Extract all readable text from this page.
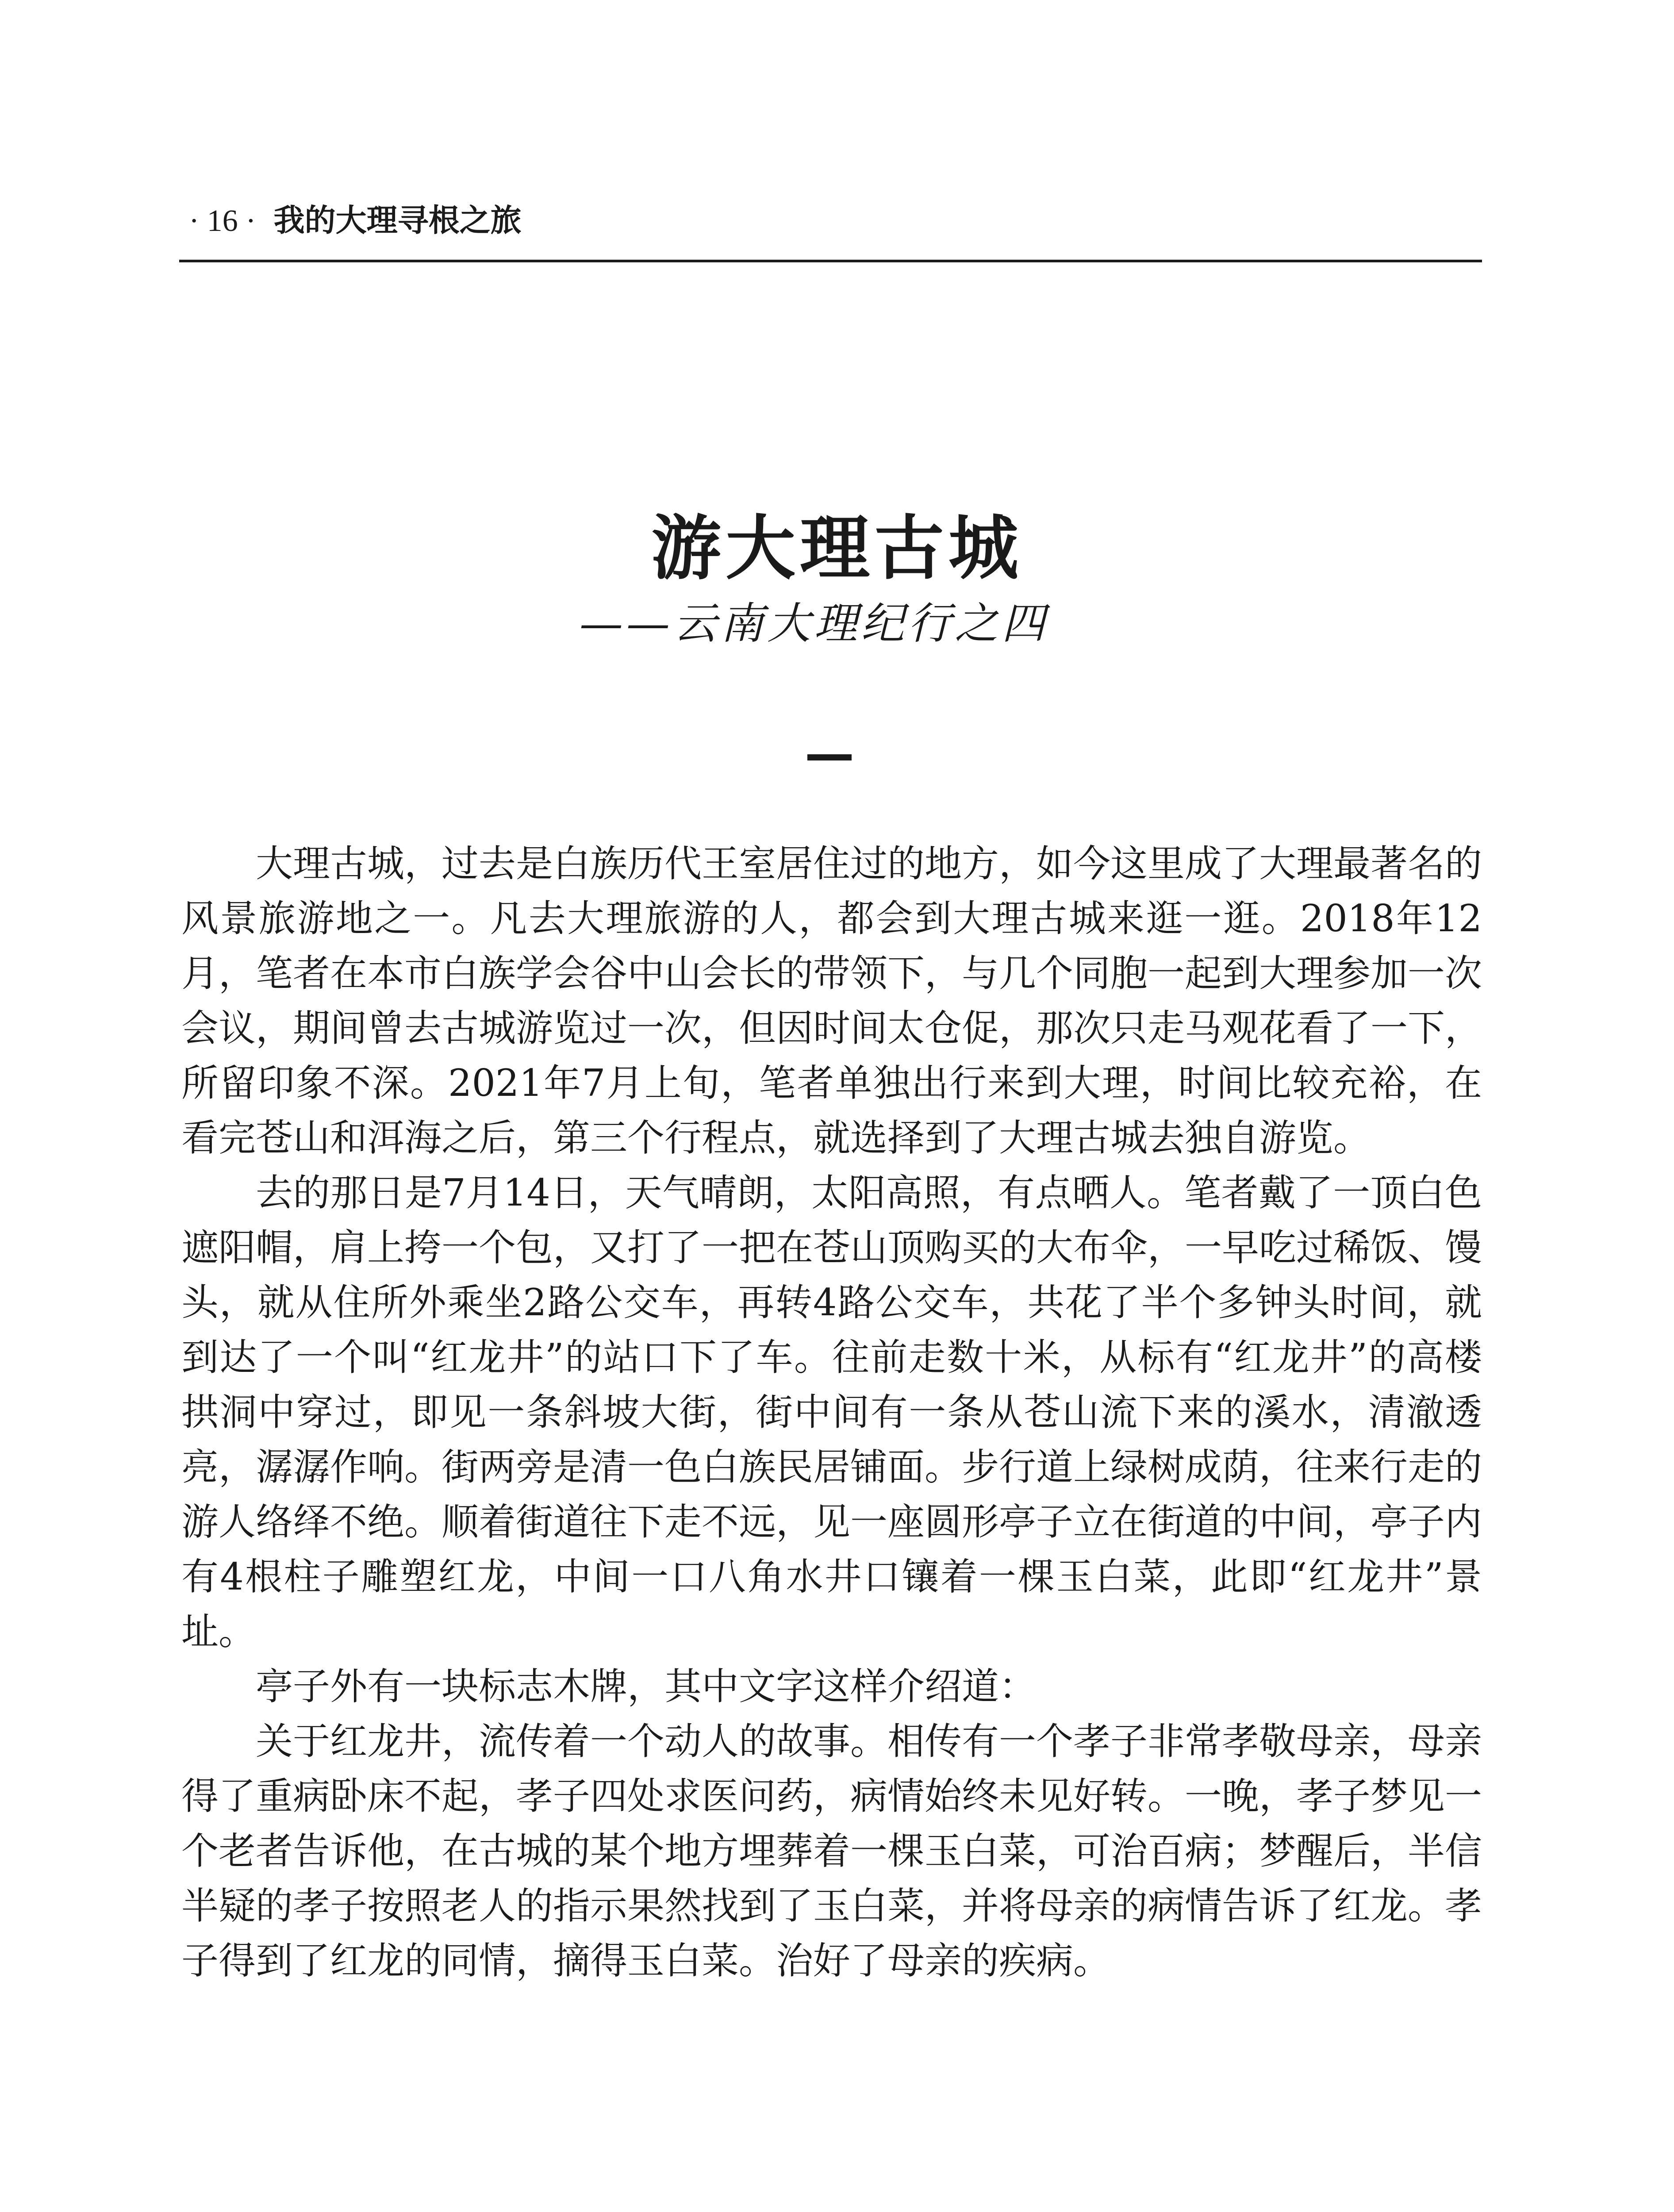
· 16 · 我的大理寻根之旅
游大理古城
——云南大理纪行之四

大理古城，过去是白族历代王室居住过的地方，如今这里成了大理最著名的风景旅游地之一。凡去大理旅游的人，都会到大理古城来逛一逛。2018年12月，笔者在本市白族学会谷中山会长的带领下，与几个同胞一起到大理参加一次会议，期间曾去古城游览过一次，但因时间太仓促，那次只走马观花看了一下，所留印象不深。2021年7月上旬，笔者单独出行来到大理，时间比较充裕，在看完苍山和洱海之后，第三个行程点，就选择到了大理古城去独自游览。

去的那日是7月14日，天气晴朗，太阳高照，有点晒人。笔者戴了一顶白色遮阳帽，肩上挎一个包，又打了一把在苍山顶购买的大布伞，一早吃过稀饭、馒头，就从住所外乘坐2路公交车，再转4路公交车，共花了半个多钟头时间，就到达了一个叫“红龙井”的站口下了车。往前走数十米，从标有“红龙井”的高楼拱洞中穿过，即见一条斜坡大街，街中间有一条从苍山流下来的溪水，清澈透亮，潺潺作响。街两旁是清一色白族民居铺面。步行道上绿树成荫，往来行走的游人络绎不绝。顺着街道往下走不远，见一座圆形亭子立在街道的中间，亭子内有4根柱子雕塑红龙，中间一口八角水井口镶着一棵玉白菜，此即“红龙井”景址。

亭子外有一块标志木牌，其中文字这样介绍道：

关于红龙井，流传着一个动人的故事。相传有一个孝子非常孝敬母亲，母亲得了重病卧床不起，孝子四处求医问药，病情始终未见好转。一晚，孝子梦见一个老者告诉他，在古城的某个地方埋葬着一棵玉白菜，可治百病；梦醒后，半信半疑的孝子按照老人的指示果然找到了玉白菜，并将母亲的病情告诉了红龙。孝子得到了红龙的同情，摘得玉白菜。治好了母亲的疾病。
